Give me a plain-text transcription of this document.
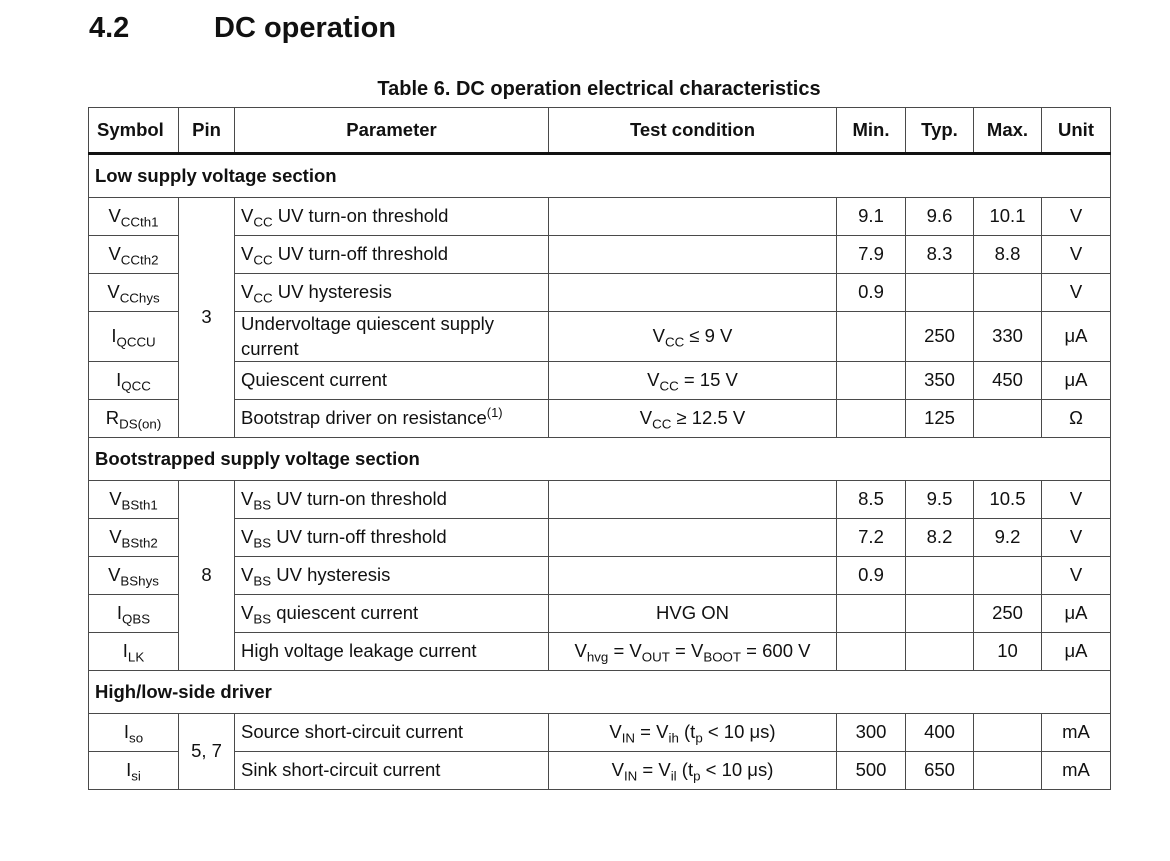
4.2	DC operation
Table 6. DC operation electrical characteristics
Symbol	Pin	Parameter	Test condition	Min.	Typ.	Max.	Unit
Low supply voltage section							
$V_{CCth1}$	3	$V_{CC}$ UV turn-on threshold		9.1	9.6	10.1	V
$V_{CCth2}$		$V_{CC}$ UV turn-off threshold		7.9	8.3	8.8	V
$V_{CChys}$		$V_{CC}$ UV hysteresis		0.9			V
$I_{QCCU}$		Undervoltage quiescent supply current	$V_{CC} \le 9$ V		250	330	μA
$I_{QCC}$		Quiescent current	$V_{CC} = 15$ V		350	450	μA
$R_{DS(on)}$		Bootstrap driver on resistance$^{(1)}$	$V_{CC} \ge 12.5$ V		125		Ω
Bootstrapped supply voltage section							
$V_{BSth1}$	8	$V_{BS}$ UV turn-on threshold		8.5	9.5	10.5	V
$V_{BSth2}$		$V_{BS}$ UV turn-off threshold		7.2	8.2	9.2	V
$V_{BShys}$		$V_{BS}$ UV hysteresis		0.9			V
$I_{QBS}$		$V_{BS}$ quiescent current	HVG ON			250	μA
$I_{LK}$		High voltage leakage current	$V_{hvg} = V_{OUT} = V_{BOOT} = 600$ V			10	μA
High/low-side driver							
$I_{so}$	5, 7	Source short-circuit current	$V_{IN} = V_{ih}$ ($t_p < 10$ μs)	300	400		mA
$I_{si}$		Sink short-circuit current	$V_{IN} = V_{il}$ ($t_p < 10$ μs)	500	650		mA
